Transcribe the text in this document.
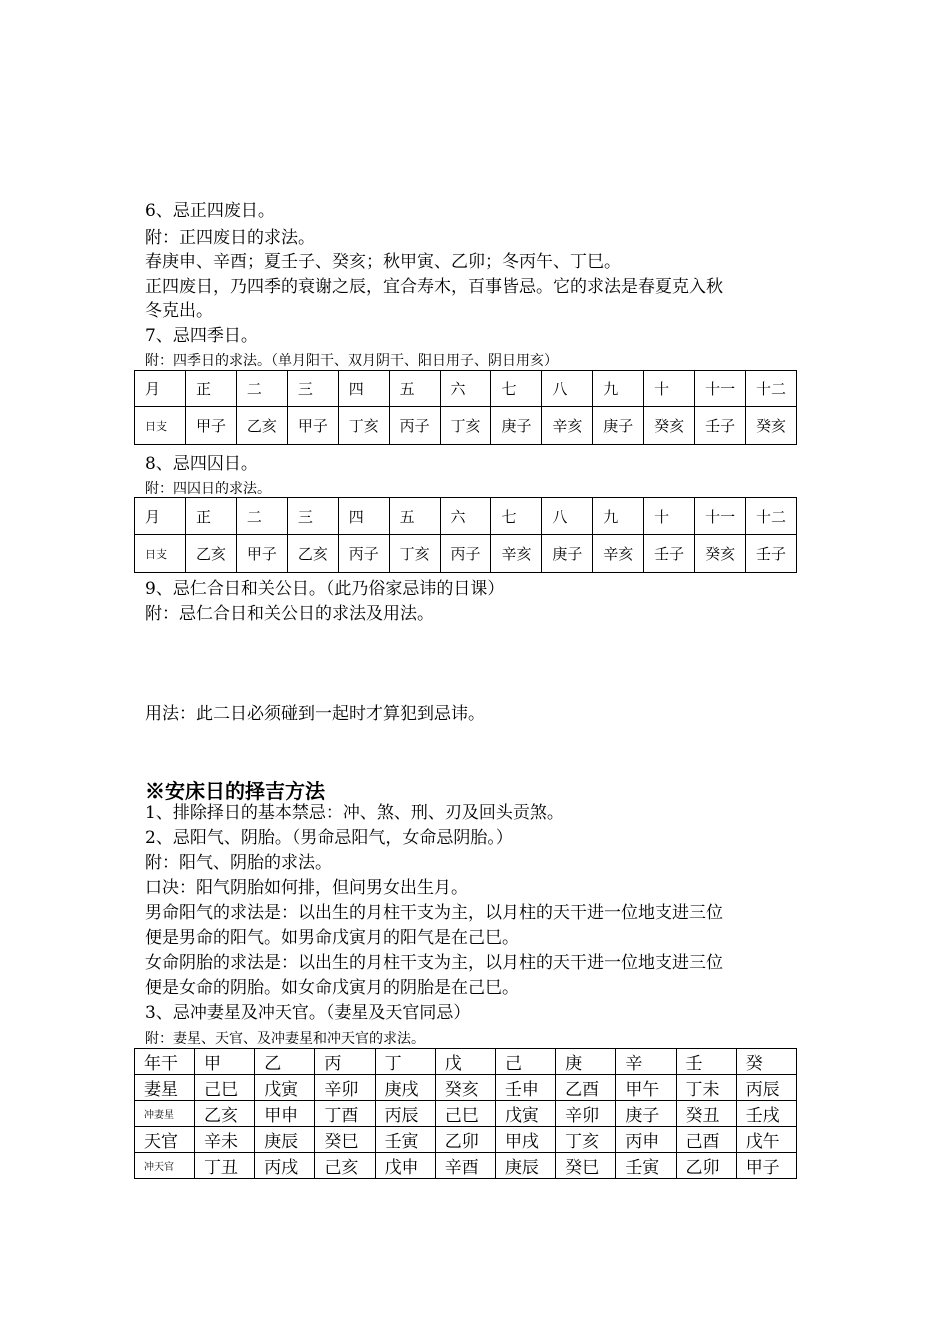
6、忌正四废日。
附：正四废日的求法。
春庚申、辛酉；夏壬子、癸亥；秋甲寅、乙卯；冬丙午、丁巳。
正四废日，乃四季的衰谢之辰，宜合寿木，百事皆忌。它的求法是春夏克入秋
冬克出。
7、忌四季日。
附：四季日的求法。（单月阳干、双月阴干、阳日用子、阴日用亥）
月	正	二	三	四	五	六	七	八	九	十	十一	十二
日支	甲子	乙亥	甲子	丁亥	丙子	丁亥	庚子	辛亥	庚子	癸亥	壬子	癸亥
8、忌四囚日。
附：四囚日的求法。
月	正	二	三	四	五	六	七	八	九	十	十一	十二
日支	乙亥	甲子	乙亥	丙子	丁亥	丙子	辛亥	庚子	辛亥	壬子	癸亥	壬子
9、忌仁合日和关公日。（此乃俗家忌讳的日课）
附：忌仁合日和关公日的求法及用法。
用法：此二日必须碰到一起时才算犯到忌讳。
※安床日的择吉方法
1、排除择日的基本禁忌：冲、煞、刑、刃及回头贡煞。
2、忌阳气、阴胎。（男命忌阳气，女命忌阴胎。）
附：阳气、阴胎的求法。
口决：阳气阴胎如何排，但问男女出生月。
男命阳气的求法是：以出生的月柱干支为主，以月柱的天干进一位地支进三位
便是男命的阳气。如男命戊寅月的阳气是在己巳。
女命阴胎的求法是：以出生的月柱干支为主，以月柱的天干进一位地支进三位
便是女命的阴胎。如女命戊寅月的阴胎是在己巳。
3、忌冲妻星及冲天官。（妻星及天官同忌）
附：妻星、天官、及冲妻星和冲天官的求法。
年干	甲	乙	丙	丁	戊	己	庚	辛	壬	癸
妻星	己巳	戊寅	辛卯	庚戌	癸亥	壬申	乙酉	甲午	丁未	丙辰
冲妻星	乙亥	甲申	丁酉	丙辰	己巳	戊寅	辛卯	庚子	癸丑	壬戌
天官	辛未	庚辰	癸巳	壬寅	乙卯	甲戌	丁亥	丙申	己酉	戊午
冲天官	丁丑	丙戌	己亥	戊申	辛酉	庚辰	癸巳	壬寅	乙卯	甲子
